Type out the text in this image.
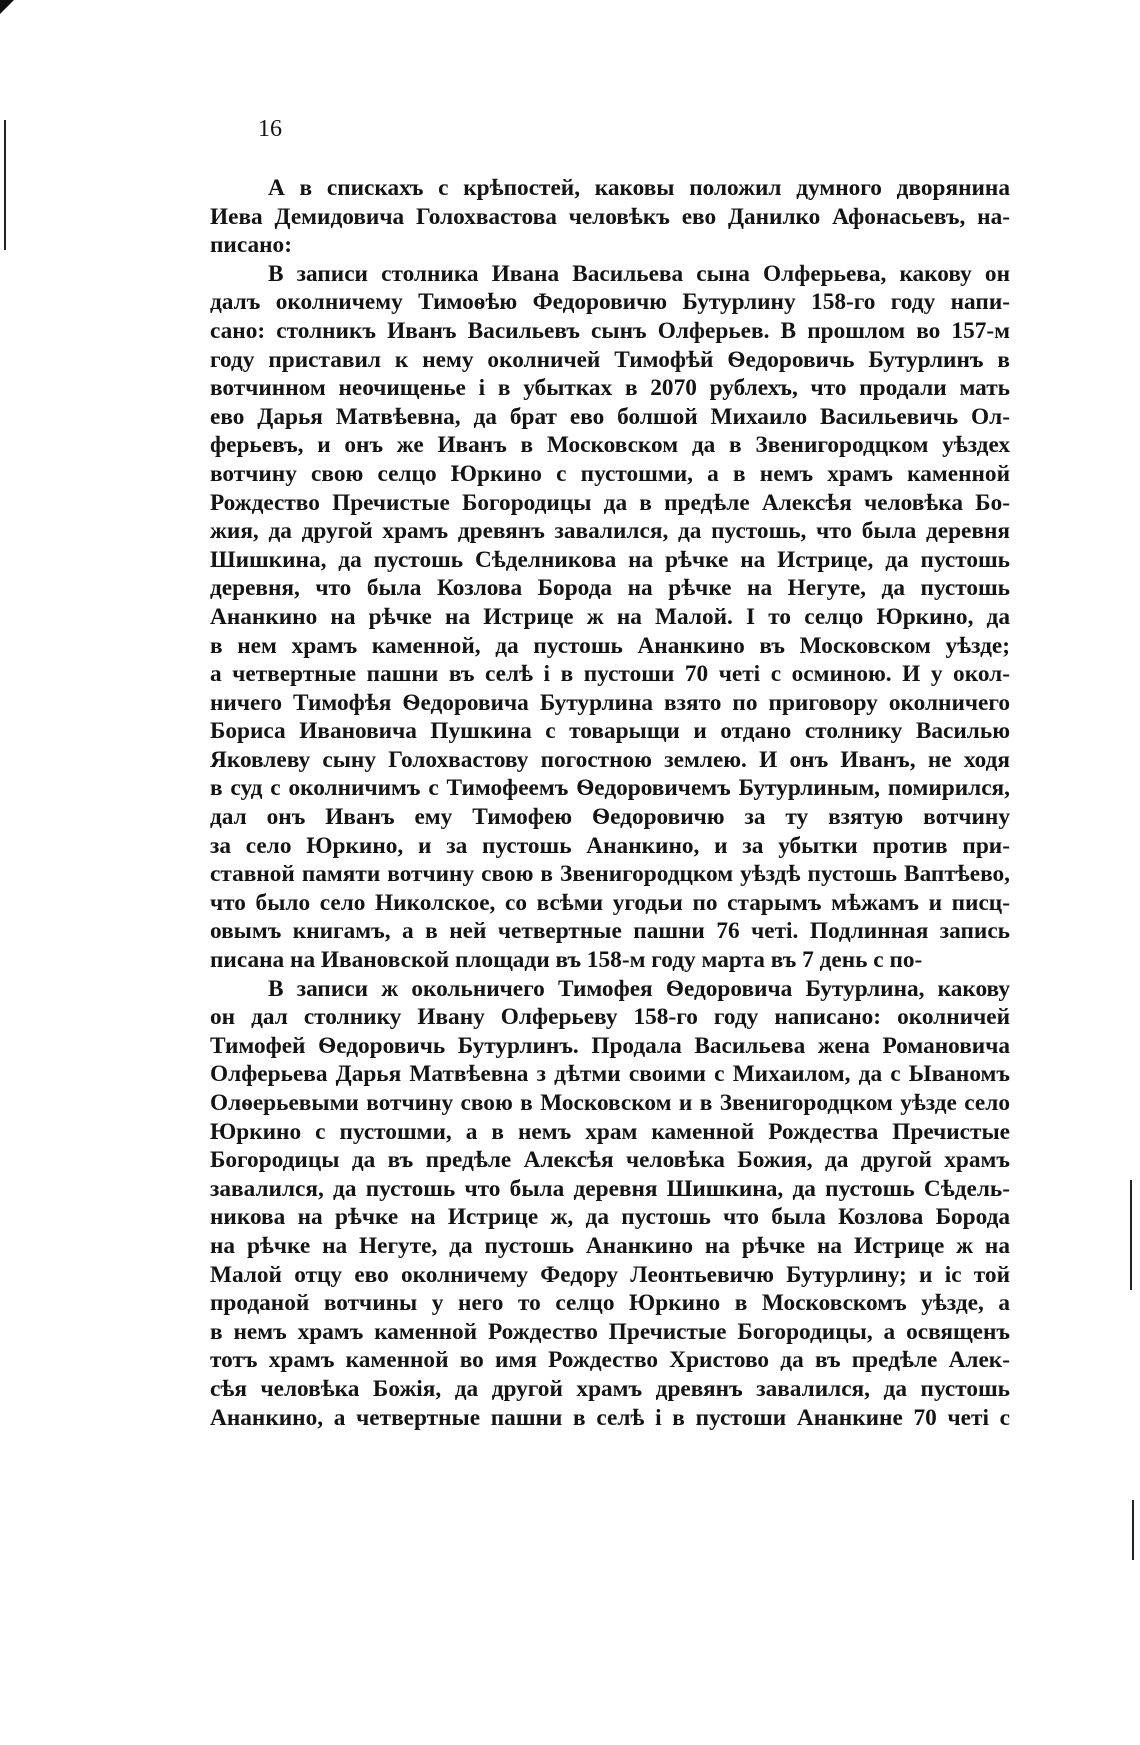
16
А в спискахъ с крѣпостей, каковы положил думного дворянина
Иева Демидовича Голохвастова человѣкъ ево Данилко Афонасьевъ, на-
писано:
В записи столника Ивана Васильева сына Олферьева, какову он
далъ околничему Тимоѳѣю Федоровичю Бутурлину 158-го году напи-
сано: столникъ Иванъ Васильевъ сынъ Олферьев. В прошлом во 157-м
году приставил к нему околничей Тимофѣй Ѳедоровичь Бутурлинъ в
вотчинном неочищенье і в убытках в 2070 рублехъ, что продали мать
ево Дарья Матвѣевна, да брат ево болшой Михаило Васильевичь Ол-
ферьевъ, и онъ же Иванъ в Московском да в Звенигородцком уѣздех
вотчину свою селцо Юркино с пустошми, а в немъ храмъ каменной
Рождество Пречистые Богородицы да в предѣле Алексѣя человѣка Бо-
жия, да другой храмъ древянъ завалился, да пустошь, что была деревня
Шишкина, да пустошь Сѣделникова на рѣчке на Истрице, да пустошь
деревня, что была Козлова Борода на рѣчке на Негуте, да пустошь
Ананкино на рѣчке на Истрице ж на Малой. І то селцо Юркино, да
в нем храмъ каменной, да пустошь Ананкино въ Московском уѣзде;
а четвертные пашни въ селѣ і в пустоши 70 четі с осминою. И у окол-
ничего Тимофѣя Ѳедоровича Бутурлина взято по приговору околничего
Бориса Ивановича Пушкина с товарыщи и отдано столнику Василью
Яковлеву сыну Голохвастову погостною землею. И онъ Иванъ, не ходя
в суд с околничимъ с Тимофеемъ Ѳедоровичемъ Бутурлиным, помирился,
дал онъ Иванъ ему Тимофею Ѳедоровичю за ту взятую вотчину
за село Юркино, и за пустошь Ананкино, и за убытки против при-
ставной памяти вотчину свою в Звенигородцком уѣздѣ пустошь Ваптѣево,
что было село Николское, со всѣми угодьи по старымъ мѣжамъ и писц-
овымъ книгамъ, а в ней четвертные пашни 76 четі. Подлинная запись
писана на Ивановской площади въ 158-м году марта въ 7 день с по-
В записи ж окольничего Тимофея Ѳедоровича Бутурлина, какову
он дал столнику Ивану Олферьеву 158-го году написано: околничей
Тимофей Ѳедоровичь Бутурлинъ. Продала Васильева жена Романовича
Олферьева Дарья Матвѣевна з дѣтми своими с Михаилом, да с Ываномъ
Олѳерьевыми вотчину свою в Московском и в Звенигородцком уѣзде село
Юркино с пустошми, а в немъ храм каменной Рождества Пречистые
Богородицы да въ предѣле Алексѣя человѣка Божия, да другой храмъ
завалился, да пустошь что была деревня Шишкина, да пустошь Сѣдель-
никова на рѣчке на Истрице ж, да пустошь что была Козлова Борода
на рѣчке на Негуте, да пустошь Ананкино на рѣчке на Истрице ж на
Малой отцу ево околничему Федору Леонтьевичю Бутурлину; и іс той
проданой вотчины у него то селцо Юркино в Московскомъ уѣзде, а
в немъ храмъ каменной Рождество Пречистые Богородицы, а освященъ
тотъ храмъ каменной во имя Рождество Христово да въ предѣле Алек-
сѣя человѣка Божія, да другой храмъ древянъ завалился, да пустошь
Ананкино, а четвертные пашни в селѣ і в пустоши Ананкине 70 четі с
